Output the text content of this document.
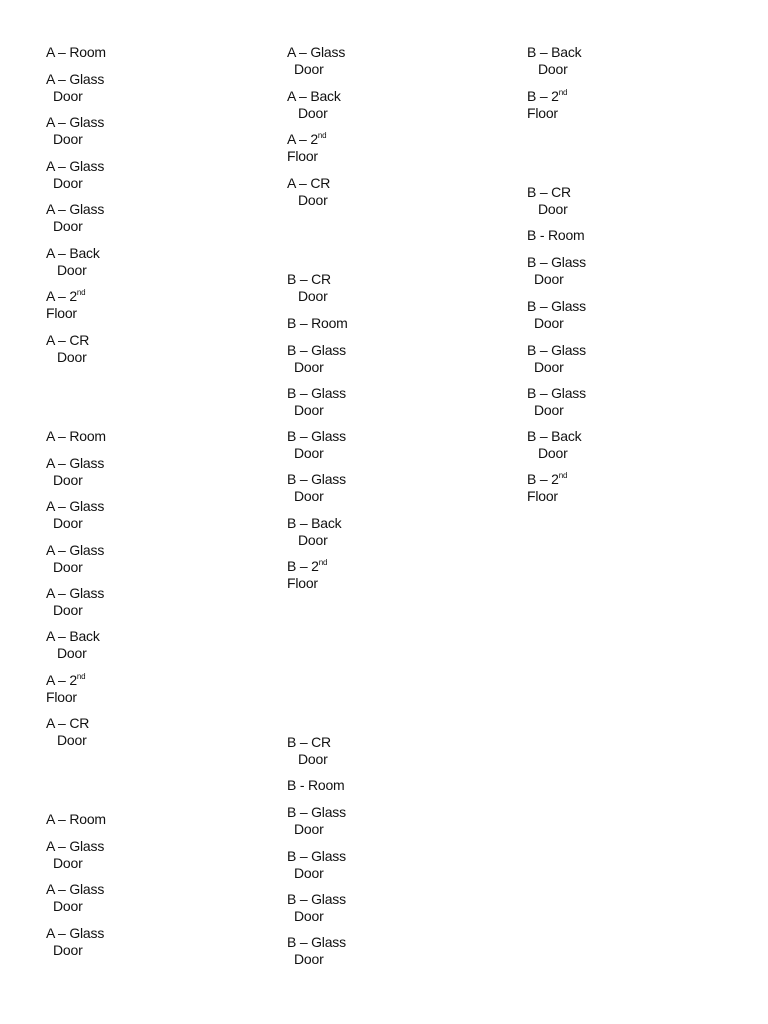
A – Room
A – Glass
Door
A – Glass
Door
A – Glass
Door
A – Glass
Door
A – Back
Door
A – 2nd
Floor
A – CR
Door
A – Room
A – Glass
Door
A – Glass
Door
A – Glass
Door
A – Glass
Door
A – Back
Door
A – 2nd
Floor
A – CR
Door
A – Room
A – Glass
Door
A – Glass
Door
A – Glass
Door
A – Glass
Door
A – Back
Door
A – 2nd
Floor
A – CR
Door
B – CR
Door
B – Room
B – Glass
Door
B – Glass
Door
B – Glass
Door
B – Glass
Door
B – Back
Door
B – 2nd
Floor
B – CR
Door
B - Room
B – Glass
Door
B – Glass
Door
B – Glass
Door
B – Glass
Door
B – Back
Door
B – 2nd
Floor
B – CR
Door
B - Room
B – Glass
Door
B – Glass
Door
B – Glass
Door
B – Glass
Door
B – Back
Door
B – 2nd
Floor
